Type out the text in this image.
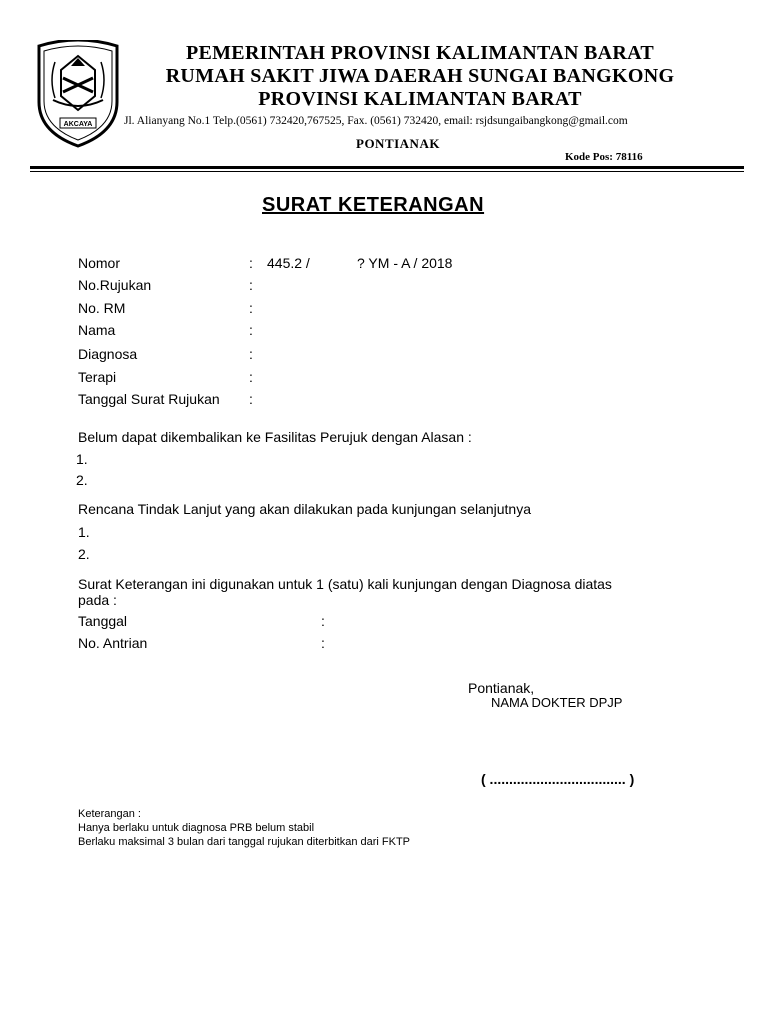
AKCAYA
PEMERINTAH PROVINSI KALIMANTAN BARAT
RUMAH SAKIT JIWA DAERAH SUNGAI BANGKONG
PROVINSI KALIMANTAN BARAT
Jl. Alianyang No.1 Telp.(0561) 732420,767525, Fax. (0561) 732420, email: rsjdsungaibangkong@gmail.com
PONTIANAK
Kode Pos: 78116
SURAT KETERANGAN
Nomor	: 445.2 /	? YM - A / 2018
No.Rujukan	:
No. RM	:
Nama	:
Diagnosa	:
Terapi	:
Tanggal Surat Rujukan :
Belum dapat dikembalikan ke Fasilitas Perujuk dengan Alasan :
1.
2.
Rencana Tindak Lanjut yang akan dilakukan pada kunjungan selanjutnya
1.
2.
Surat Keterangan ini digunakan untuk 1 (satu) kali kunjungan dengan Diagnosa diatas
pada :
Tanggal	:
No. Antrian	:
Pontianak,
NAMA DOKTER DPJP
( ................................... )
Keterangan :
Hanya berlaku untuk diagnosa PRB belum stabil
Berlaku maksimal 3 bulan dari tanggal rujukan diterbitkan dari FKTP
